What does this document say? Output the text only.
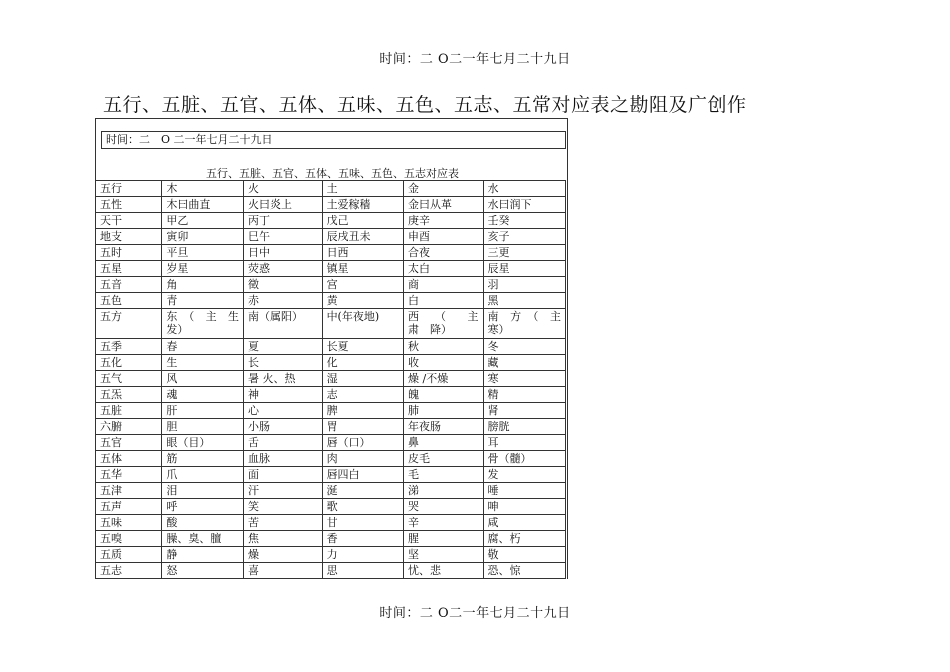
时间：二 O二一年七月二十九日
五行、五脏、五官、五体、五味、五色、五志、五常对应表之勘阻及广创作
时间：二　O 二一年七月二十九日
五行、五脏、五官、五体、五味、五色、五志对应表
五行	木	火	土	金	水
五性	木曰曲直	火曰炎上	土爱稼穑	金曰从革	水曰润下
天干	甲乙	丙丁	戊己	庚辛	壬癸
地支	寅卯	巳午	辰戌丑未	申酉	亥子
五时	平旦	日中	日西	合夜	三更
五星	岁星	荧惑	镇星	太白	辰星
五音	角	徵	宫	商	羽
五色	青	赤	黄	白	黑
五方	东　（　主　生　发）	南（属阳）	中(年夜地)	西　（　主　肃　降）	南　方　（　主　寒）
五季	春	夏	长夏	秋	冬
五化	生	长	化	收	藏
五气	风	暑 火、热	湿	燥 /不燥	寒
五炁	魂	神	志	魄	精
五脏	肝	心	脾	肺	肾
六腑	胆	小肠	胃	年夜肠	膀胱
五官	眼（目）	舌	唇（口）	鼻	耳
五体	筋	血脉	肉	皮毛	骨（髓）
五华	爪	面	唇四白	毛	发
五津	泪	汗	涎	涕	唾
五声	呼	笑	歌	哭	呻
五味	酸	苦	甘	辛	咸
五嗅	臊、臭、膻	焦	香	腥	腐、朽
五质	静	燥	力	坚	敬
五志	怒	喜	思	忧、悲	恐、惊
时间：二 O二一年七月二十九日
